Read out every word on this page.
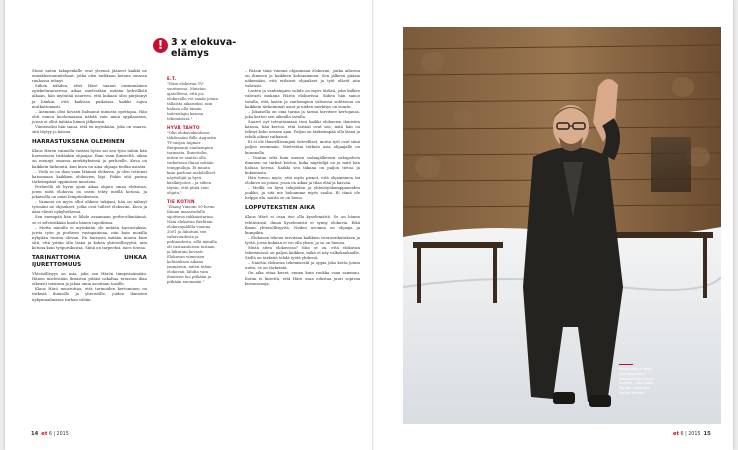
Stone auton takapenkille ovat yleensä jääneet kaikki ne ennakkosuunnitelmat, jotka olen tarkkaan kotona omassa rauhassa tehnyt.

Siihen nähden, ettei Härö saanut ensimmäinen opiskelurauseessa aikaa mielestään mitään kehvillistä aikaan, hän myöntää naureen, että kukaan olisi pärjännyt ja hänkin, että kaikissa paikoissa kaikki sujuu mutkattomasti.

– Aiemmin olisi kovasti halunnut minusta opettajaa. Hän ehti ennen kuolemaansa nähdä vain minä oppilaasena, joissa ei ollut mitään hänen jälkeensä.

Viimeiseksi hän sanoi, että en myöskään, joka on osaava, sitä täytyy jo katsoa.

HARRASTUKSENA OLEMINEN

Klaus Härön vaimolla vastasi hyvin sai sen työn mihin hän harrastusta tiedänkin ohjaajaa. Ihan vaan ihmiseltä, aikaa on mennyt omassa merkityksessä ja perheelle. Kuva on kaikkein tärkeintä, kun kuva on aina ohjaaja tiedän asiasta.

– Vielä se on ihan vaan lähinnä elokuvia, ja olen tottunut katsomaan kaikkien elokuvien läpi. Pidän sitä parina tärkeimpänä oppimisen muotona.

Perheellä oli hyvin ajoin aikaa ohjata omaa elokuvaa, joten niitä elokuvia on usein tehty meillä kotona, ja jokaisella on omat lempiteoksensa.

– Vaimoni on myös ollut ahkera tukijani, hän on nähnyt työssäni ne ohjaukset, jotka ovat tulleet elokuviin. Kuva ja ääni elävät nykyhetkessä.

Sen enempää hän ei lähde avaamaan perhe-elämäänsä, se ei selvästikään kuulu hänen tapoihinsa.

– Mutta minulla ei myöskään ole mitään harrastuksia, joista työn ja perheen vastapainona, niin kuin monilla nykyään tuntuu olevan. En harrasta mitään muuta kuin sitä, että yritän olla läsnä ja kokea yhteisöllisyyttä, niin kotona kuin työporukoissa. Siinä on tarpeeksi, mies toteaa.

TARINATTOMIA UHKAA IJURETTOMUUS

Yhteisöllisyys on asia, joka saa Härön tämpeänämään. Hänen mielestään ihmisten pitäisi uskaltaa tutustua ihan oikeasti toisiinsa ja jakaa omia asioitaan toisille.

Klaus Härö muistuttaa, että tarinoiden kertominen on tärkeää ihmisille ja yhteisöille, joiden ihmisten nykymaailmassa turhan vähän.

! 3 x elokuva-elämys
E.T.

"Näin elokuvan TV-suuttaessa. Muistan ajatelleeni, että jos elokuvalla voi saada jotain tällaista aikaiseksi, niin haluan olla tämän taiteenlajin kanssa tekemisissä."

HYVÄ TAHTO

"Olin elokuvakoulussa tähdessäni Bille Augustin TV-sarjan Ingmar Bergmanin vanhempien tarinasta. Ihmettelin, miten se saattoi olla vaikuttava ilman mitään temppuiluja. Ei muuta kuin parhaat mahdolliset näyttelijät ja hyvä käsikirjoitus – ja siihen täysin, että pitää vain ohjata."

TIE KOTIIN

"Zhang Yimoun 50-luvun Kiinan maaseudulle sijoittuva rakkaustarina. Näin elokuvan Berliinin elokuvajuhlilla vuonna 2001 ja liikutuin sen valtavuudesta ja puhtaudesta, sillä minulla oli vastaantoisen tarinan, ja liikutuin kovasti. Elokuvan viimeisen kohtauksen aikana ymmärsin, miten tähän elokuvan, lähdin vain ihmisten luo pitkään ja pitkään enemmän."

– Pääsin tänä vuonna ohjaamaan elokuvan, jonka aiheena on ihmisen ja kaikkien kohtaaminen. Sen jälkeen pääsin näkemään, että erilaiset ohjaukset ja työt elävät niin vahvasti.

Lasten ja vanhempien suhde on myös tärkeä, joka kulkee vahvasti mukana Härön elokuvissa. Siihen hän sanoo tavalla, että lasten ja vanhempien välisessä suhteessa on kaikkein tärkeimmät asiat ja niiden merkitys on suurin.

– Jokaisella on oma tarina ja tarina tarvitsee kertojansa, joka kertoo sen oikealla tavalla.

Suuret nyt toteuttamaan tiesi kaikki elokuvien ihmisten kanssa, hän kertoo, että tarinat ovat sen, mitä hän on tehnyt koko uransa ajan. Paljon on tärkeämpää olla läsnä ja tehdä oikeat ratkaisut.

Ei ei ole ihmeellisempää tieteelliset, mutta työt ovat siinä paljon enemmän. Mielestäni tärkein asia ohjaajalle on kuunnella.

– Tuntuu siltä kuin monen sodanjälkeisen sukupolven ihminen on tärkeä kertoa, kuka näyttelijä on ja mitä hän haluaa kertoa. Kaikki sen takana on paljon tietoa ja kokemusta.

Hän toivoo myös, että myös pienet, että ohjaaminen tai elokuva on jotain, jossa on aikaa ja tilaa elää ja kasvaa.

– Meillä on hyvä tekijöiden ja yhteistyökumppaneiden joukko, ja sitä me haluamme myös vaalia. Ei tämä ole helppo ala, mutta se on hieno.

LOPPUTEKSTIEN AIKA

Klaus Härö ei osaa itse olla kyselemättä. Se on hänen tehtävänsä, ilman kyselemistä ei synny elokuvia. Eikä ilman yhteisöllisyyttä. Niiden avoimia on ohjaaja ja kumpikin.

– Elokuvan tekoon tarvitaan kaikkien vuorovaikutuksen ja työtä, jossa kukaan ei voi olla yksin, ja se on hienoa.

Mistä siten elokuvissa? Niin se on, että elokuvan tekemisessä on paljon kaikkea, mikä ei näy valkokankaalle. Siellä on tärkeää tehdä työtä yhdessä.

– Nauttia elokuvan tekemisestä ja oppia joka kerta jotain uutta, se on tärkeintä.

On aika ottaa kuvat, ennen kuin ruokka vaan sammuu. Kotiin ei kiirettä, että Härö osaa edustaa juuri sopivaa kuvaussuoja.

14 et 6 | 2015
Klaus Härö ei pidä vain elokuvien katsomisesta ilman tarinaa. – Kun saan täyden vapauden kertoa tarinaa.
et 6 | 2015 15
